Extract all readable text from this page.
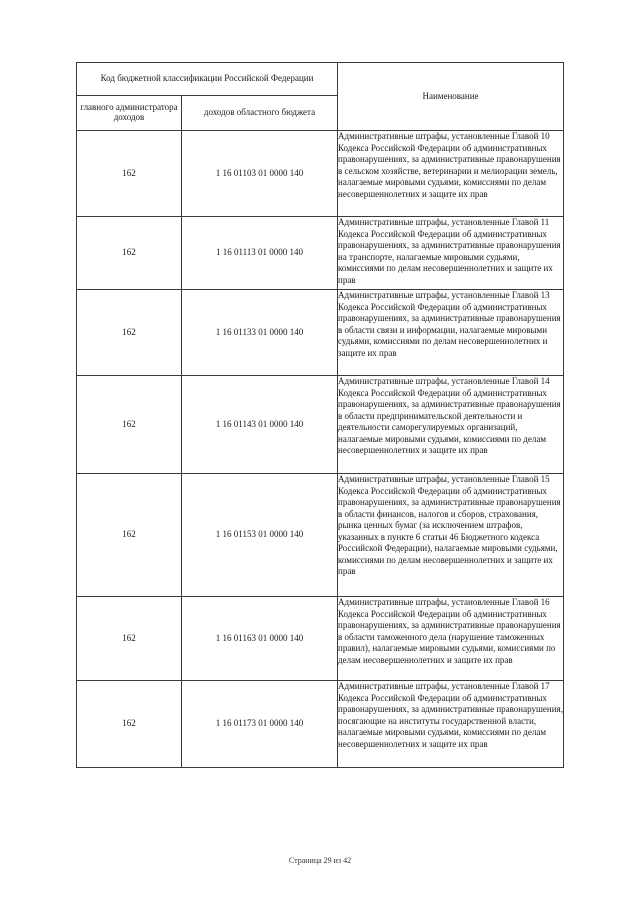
Код бюджетной классификации Российской Федерации		Наименование
главного администратора доходов	доходов областного бюджета	
162	1 16 01103 01 0000 140	Административные штрафы, установленные Главой 10 Кодекса Российской Федерации об административных правонарушениях, за административные правонарушения в сельском хозяйстве, ветеринарии и мелиорации земель, налагаемые мировыми судьями, комиссиями по делам несовершеннолетних и защите их прав
162	1 16 01113 01 0000 140	Административные штрафы, установленные Главой 11 Кодекса Российской Федерации об административных правонарушениях, за административные правонарушения на транспорте, налагаемые мировыми судьями, комиссиями по делам несовершеннолетних и защите их прав
162	1 16 01133 01 0000 140	Административные штрафы, установленные Главой 13 Кодекса Российской Федерации об административных правонарушениях, за административные правонарушения в области связи и информации, налагаемые мировыми судьями, комиссиями по делам несовершеннолетних и защите их прав
162	1 16 01143 01 0000 140	Административные штрафы, установленные Главой 14 Кодекса Российской Федерации об административных правонарушениях, за административные правонарушения в области предпринимательской деятельности и деятельности саморегулируемых организаций, налагаемые мировыми судьями, комиссиями по делам несовершеннолетних и защите их прав
162	1 16 01153 01 0000 140	Административные штрафы, установленные Главой 15 Кодекса Российской Федерации об административных правонарушениях, за административные правонарушения в области финансов, налогов и сборов, страхования, рынка ценных бумаг (за исключением штрафов, указанных в пункте 6 статьи 46 Бюджетного кодекса Российской Федерации), налагаемые мировыми судьями, комиссиями по делам несовершеннолетних и защите их прав
162	1 16 01163 01 0000 140	Административные штрафы, установленные Главой 16 Кодекса Российской Федерации об административных правонарушениях, за административные правонарушения в области таможенного дела (нарушение таможенных правил), налагаемые мировыми судьями, комиссиями по делам несовершеннолетних и защите их прав
162	1 16 01173 01 0000 140	Административные штрафы, установленные Главой 17 Кодекса Российской Федерации об административных правонарушениях, за административные правонарушения, посягающие на институты государственной власти, налагаемые мировыми судьями, комиссиями по делам несовершеннолетних и защите их прав
Страница 29 из 42
